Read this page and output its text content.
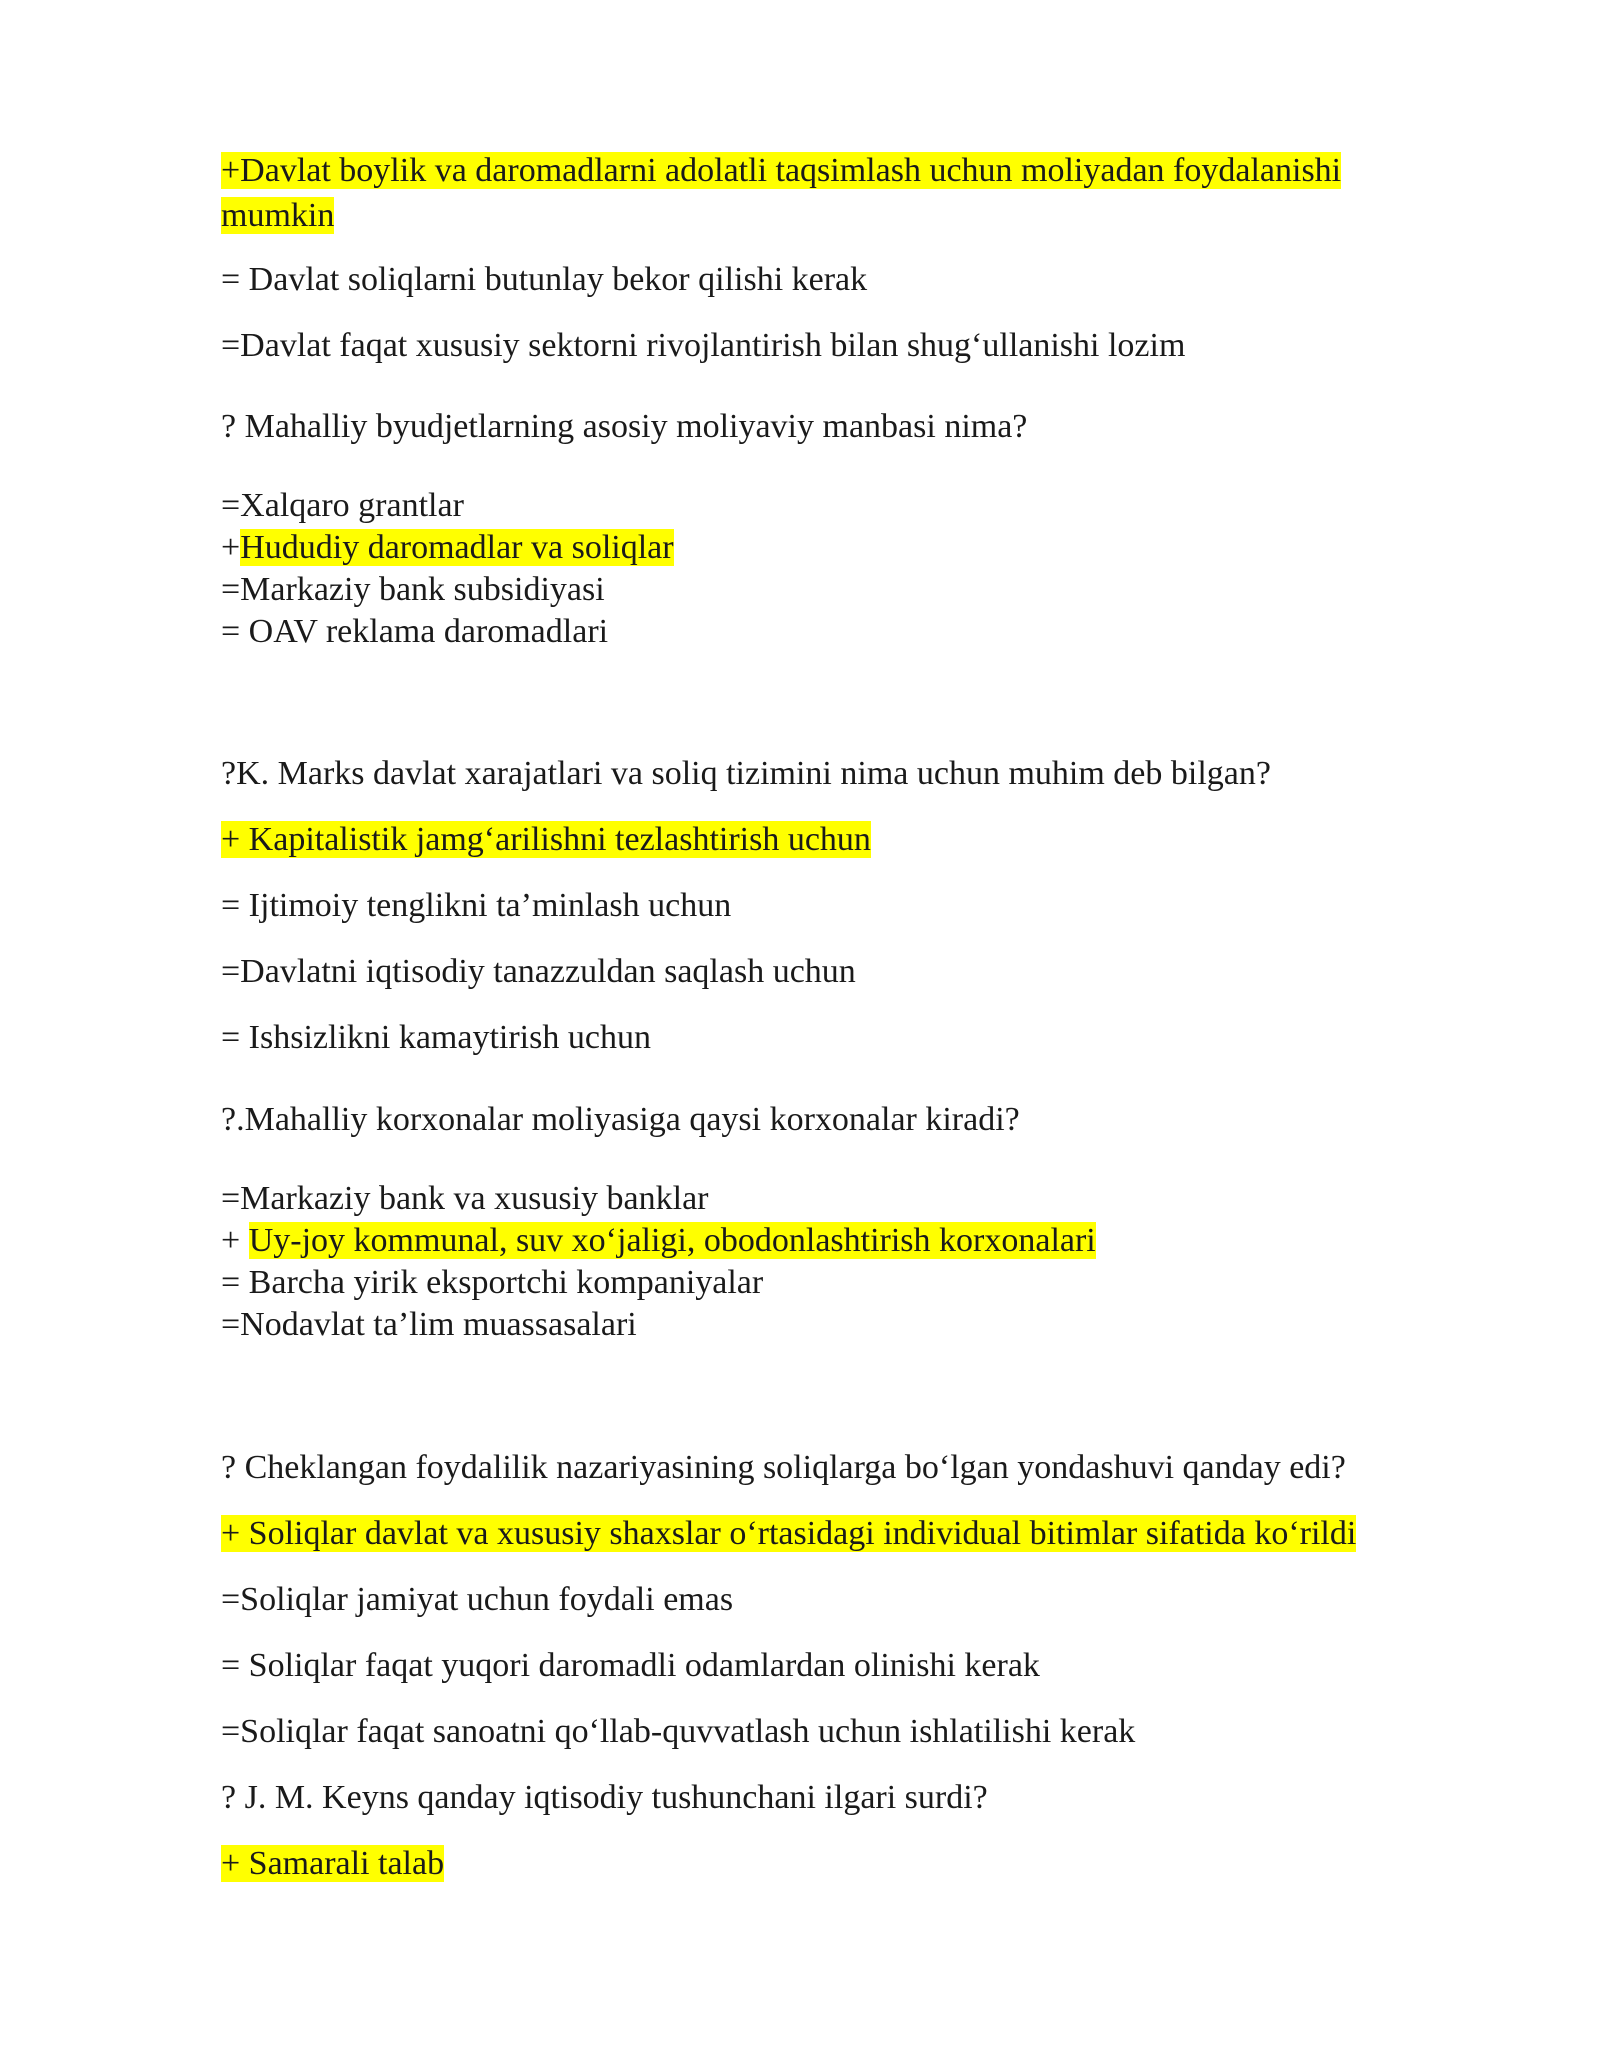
+Davlat boylik va daromadlarni adolatli taqsimlash uchun moliyadan foydalanishi
mumkin
= Davlat soliqlarni butunlay bekor qilishi kerak
=Davlat faqat xususiy sektorni rivojlantirish bilan shug‘ullanishi lozim
? Mahalliy byudjetlarning asosiy moliyaviy manbasi nima?
=Xalqaro grantlar
+Hududiy daromadlar va soliqlar
=Markaziy bank subsidiyasi
= OAV reklama daromadlari
?K. Marks davlat xarajatlari va soliq tizimini nima uchun muhim deb bilgan?
+ Kapitalistik jamg‘arilishni tezlashtirish uchun
= Ijtimoiy tenglikni ta’minlash uchun
=Davlatni iqtisodiy tanazzuldan saqlash uchun
= Ishsizlikni kamaytirish uchun
?.Mahalliy korxonalar moliyasiga qaysi korxonalar kiradi?
=Markaziy bank va xususiy banklar
+ Uy-joy kommunal, suv xo‘jaligi, obodonlashtirish korxonalari
= Barcha yirik eksportchi kompaniyalar
=Nodavlat ta’lim muassasalari
? Cheklangan foydalilik nazariyasining soliqlarga bo‘lgan yondashuvi qanday edi?
+ Soliqlar davlat va xususiy shaxslar o‘rtasidagi individual bitimlar sifatida ko‘rildi
=Soliqlar jamiyat uchun foydali emas
= Soliqlar faqat yuqori daromadli odamlardan olinishi kerak
=Soliqlar faqat sanoatni qo‘llab-quvvatlash uchun ishlatilishi kerak
? J. M. Keyns qanday iqtisodiy tushunchani ilgari surdi?
+ Samarali talab
